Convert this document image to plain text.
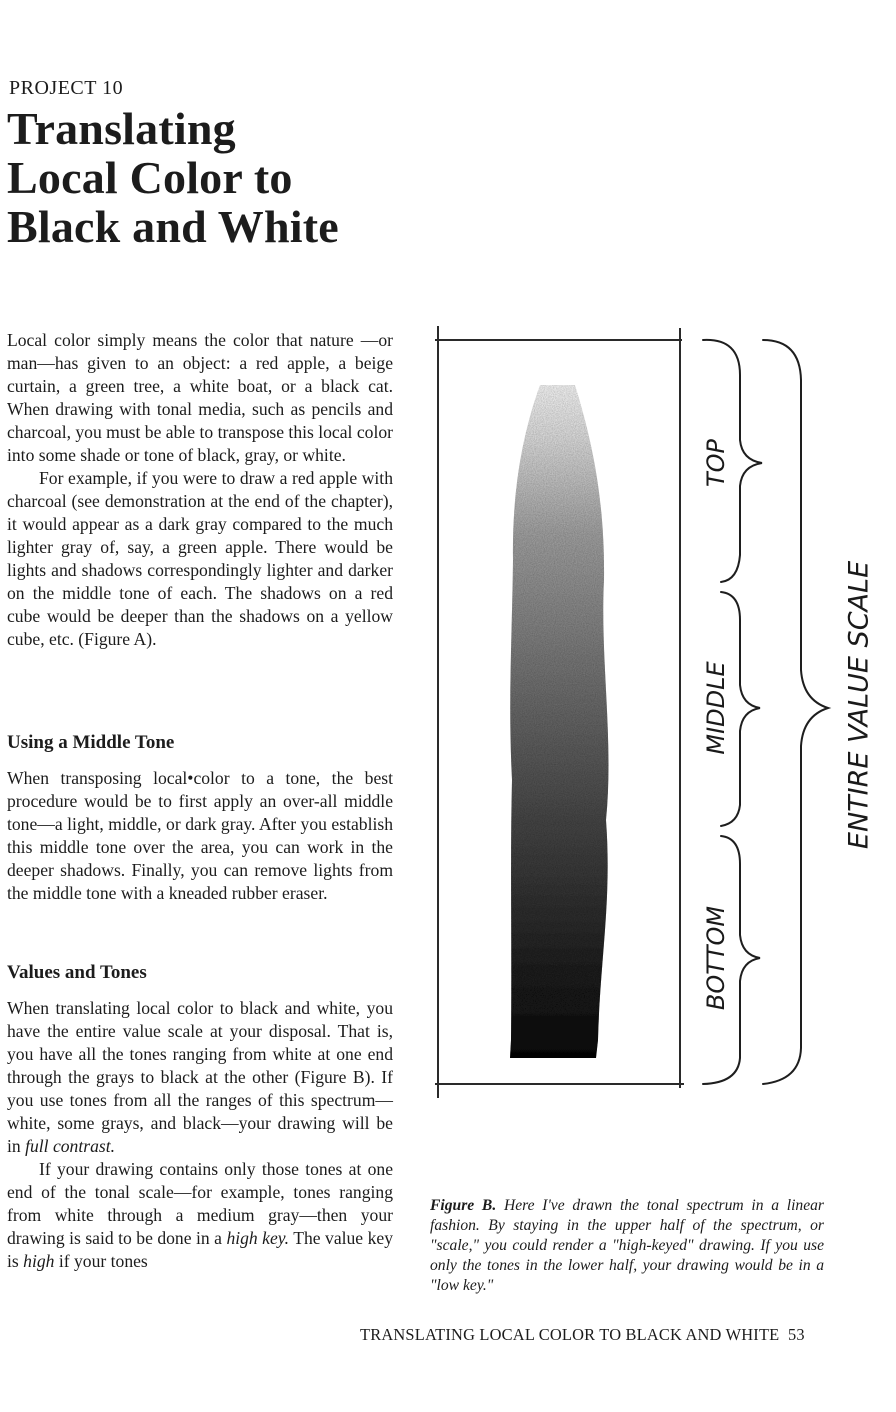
PROJECT 10
Translating
Local Color to
Black and White

Local color simply means the color that nature —or man—has given to an object: a red apple, a beige curtain, a green tree, a white boat, or a black cat. When drawing with tonal media, such as pencils and charcoal, you must be able to transpose this local color into some shade or tone of black, gray, or white.

For example, if you were to draw a red apple with charcoal (see demonstration at the end of the chapter), it would appear as a dark gray compared to the much lighter gray of, say, a green apple. There would be lights and shadows correspondingly lighter and darker on the middle tone of each. The shadows on a red cube would be deeper than the shadows on a yellow cube, etc. (Figure A).

Using a Middle Tone

When transposing local•color to a tone, the best procedure would be to first apply an over-all middle tone—a light, middle, or dark gray. After you establish this middle tone over the area, you can work in the deeper shadows. Finally, you can remove lights from the middle tone with a kneaded rubber eraser.

Values and Tones

When translating local color to black and white, you have the entire value scale at your disposal. That is, you have all the tones ranging from white at one end through the grays to black at the other (Figure B). If you use tones from all the ranges of this spectrum—white, some grays, and black—your drawing will be in full contrast.

If your drawing contains only those tones at one end of the tonal scale—for example, tones ranging from white through a medium gray—then your drawing is said to be done in a high key. The value key is high if your tones

TOP
MIDDLE
BOTTOM
ENTIRE VALUE SCALE
Figure B. Here I've drawn the tonal spectrum in a linear fashion. By staying in the upper half of the spectrum, or "scale," you could render a "high-keyed" drawing. If you use only the tones in the lower half, your drawing would be in a "low key."
TRANSLATING LOCAL COLOR TO BLACK AND WHITE 53
